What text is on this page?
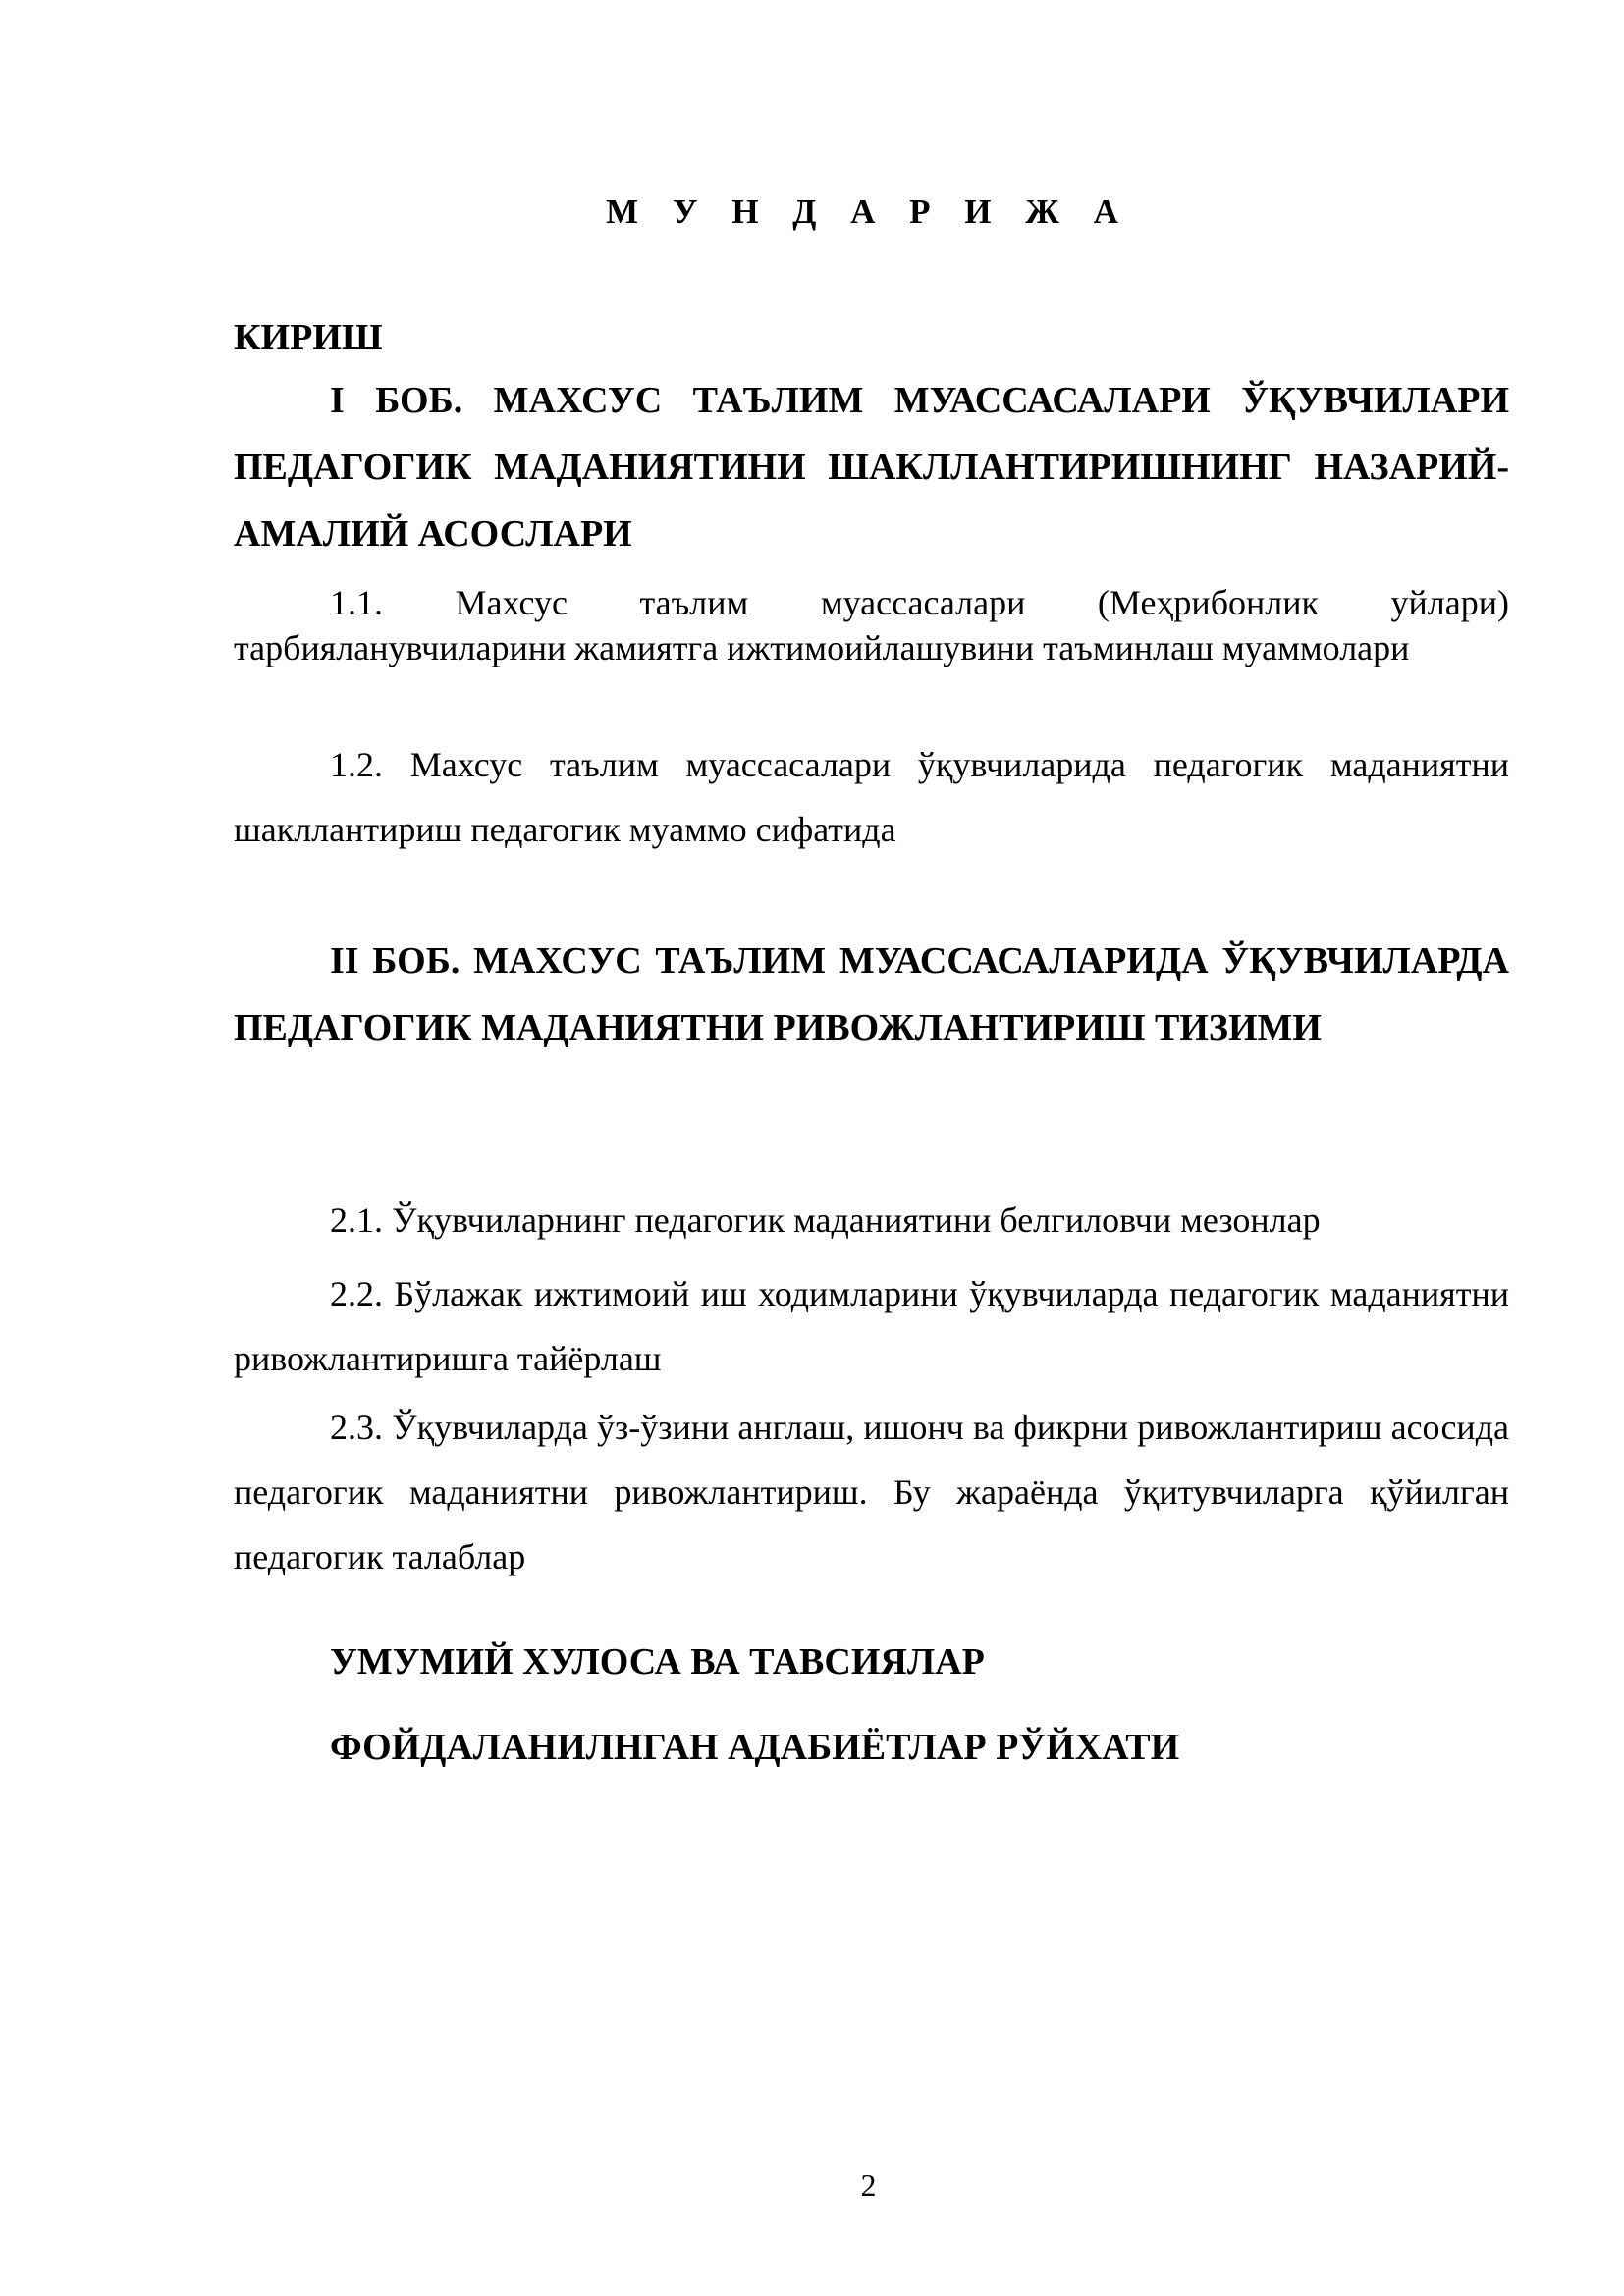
М У Н Д А Р И Ж А
КИРИШ

I БОБ. МАХСУС ТАЪЛИМ МУАССАСАЛАРИ ЎҚУВЧИЛАРИ ПЕДАГОГИК МАДАНИЯТИНИ ШАКЛЛАНТИРИШНИНГ НАЗАРИЙ-АМАЛИЙ АСОСЛАРИ

1.1. Махсус таълим муассасалари (Меҳрибонлик уйлари) тарбияланувчиларини жамиятга ижтимоийлашувини таъминлаш муаммолари

1.2. Махсус таълим муассасалари ўқувчиларида педагогик маданиятни шакллантириш педагогик муаммо сифатида

II БОБ. МАХСУС ТАЪЛИМ МУАССАСАЛАРИДА ЎҚУВЧИЛАРДА ПЕДАГОГИК МАДАНИЯТНИ РИВОЖЛАНТИРИШ ТИЗИМИ

2.1. Ўқувчиларнинг педагогик маданиятини белгиловчи мезонлар

2.2. Бўлажак ижтимоий иш ходимларини ўқувчиларда педагогик маданиятни ривожлантиришга тайёрлаш

2.3. Ўқувчиларда ўз-ўзини англаш, ишонч ва фикрни ривожлантириш асосида педагогик маданиятни ривожлантириш. Бу жараёнда ўқитувчиларга қўйилган педагогик талаблар

УМУМИЙ ХУЛОСА ВА ТАВСИЯЛАР
ФОЙДАЛАНИЛНГАН АДАБИЁТЛАР РЎЙХАТИ
2
